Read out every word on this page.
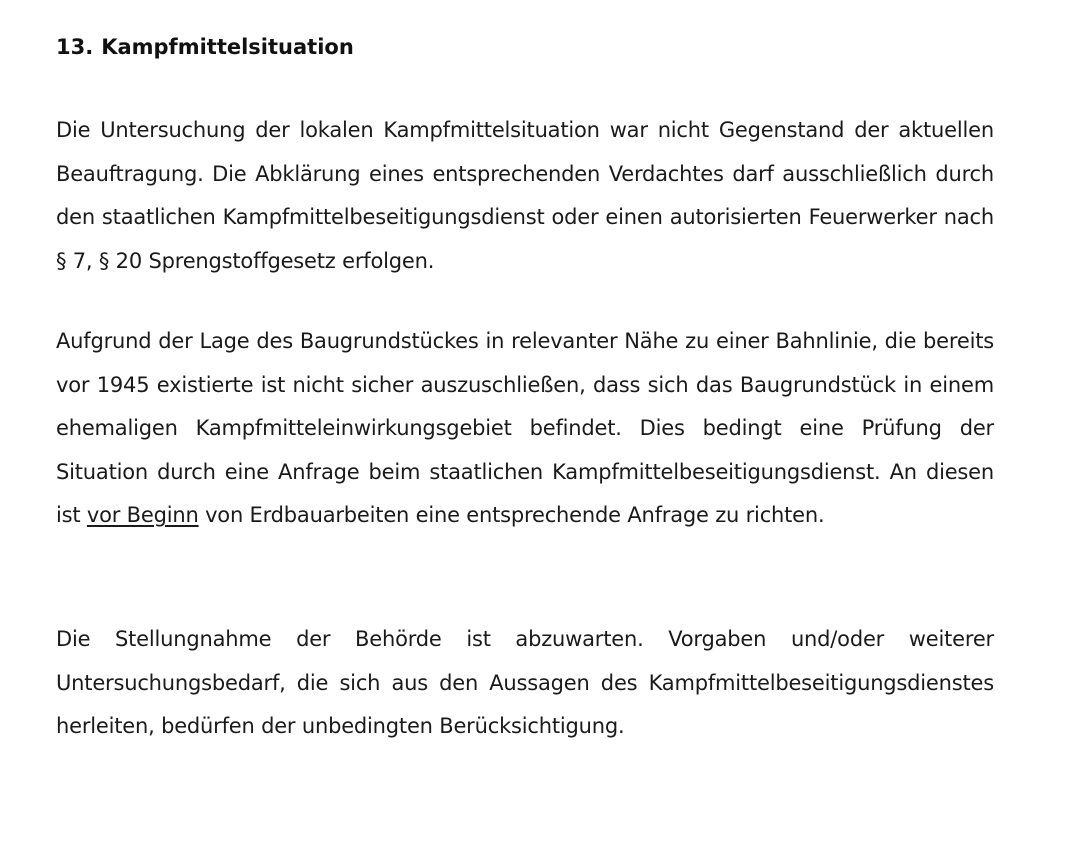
13. Kampfmittelsituation

Die Untersuchung der lokalen Kampfmittelsituation war nicht Gegenstand der aktuellen Beauftragung. Die Abklärung eines entsprechenden Verdachtes darf ausschließlich durch den staatlichen Kampfmittelbeseitigungsdienst oder einen autorisierten Feuerwerker nach § 7, § 20 Sprengstoffgesetz erfolgen.

Aufgrund der Lage des Baugrundstückes in relevanter Nähe zu einer Bahnlinie, die bereits vor 1945 existierte ist nicht sicher auszuschließen, dass sich das Baugrundstück in einem ehemaligen Kampfmitteleinwirkungsgebiet befindet. Dies bedingt eine Prüfung der Situation durch eine Anfrage beim staatlichen Kampfmittelbeseitigungsdienst. An diesen ist vor Beginn von Erdbauarbeiten eine entsprechende Anfrage zu richten.

Die Stellungnahme der Behörde ist abzuwarten. Vorgaben und/oder weiterer Untersuchungsbedarf, die sich aus den Aussagen des Kampfmittelbeseitigungsdienstes herleiten, bedürfen der unbedingten Berücksichtigung.
